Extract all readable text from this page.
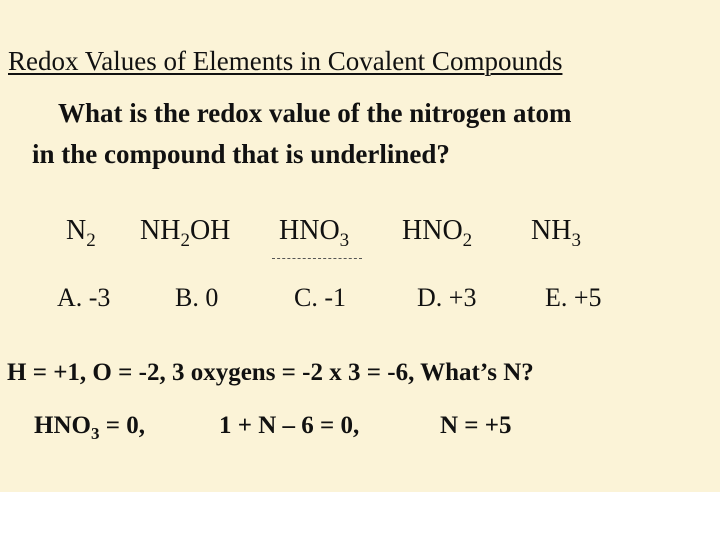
Redox Values of Elements in Covalent Compounds
What is the redox value of the nitrogen atom
in the compound that is underlined?
$N_2$ $NH_2OH$ $HNO_3$ $HNO_2$ $NH_3$
A. -3 B. 0	C. -1	D. +3	E. +5
H = +1, O = -2, 3 oxygens = -2 x 3 = -6, What’s N?
$HNO_3 = 0$,	1 + N – 6 = 0,	N = +5
